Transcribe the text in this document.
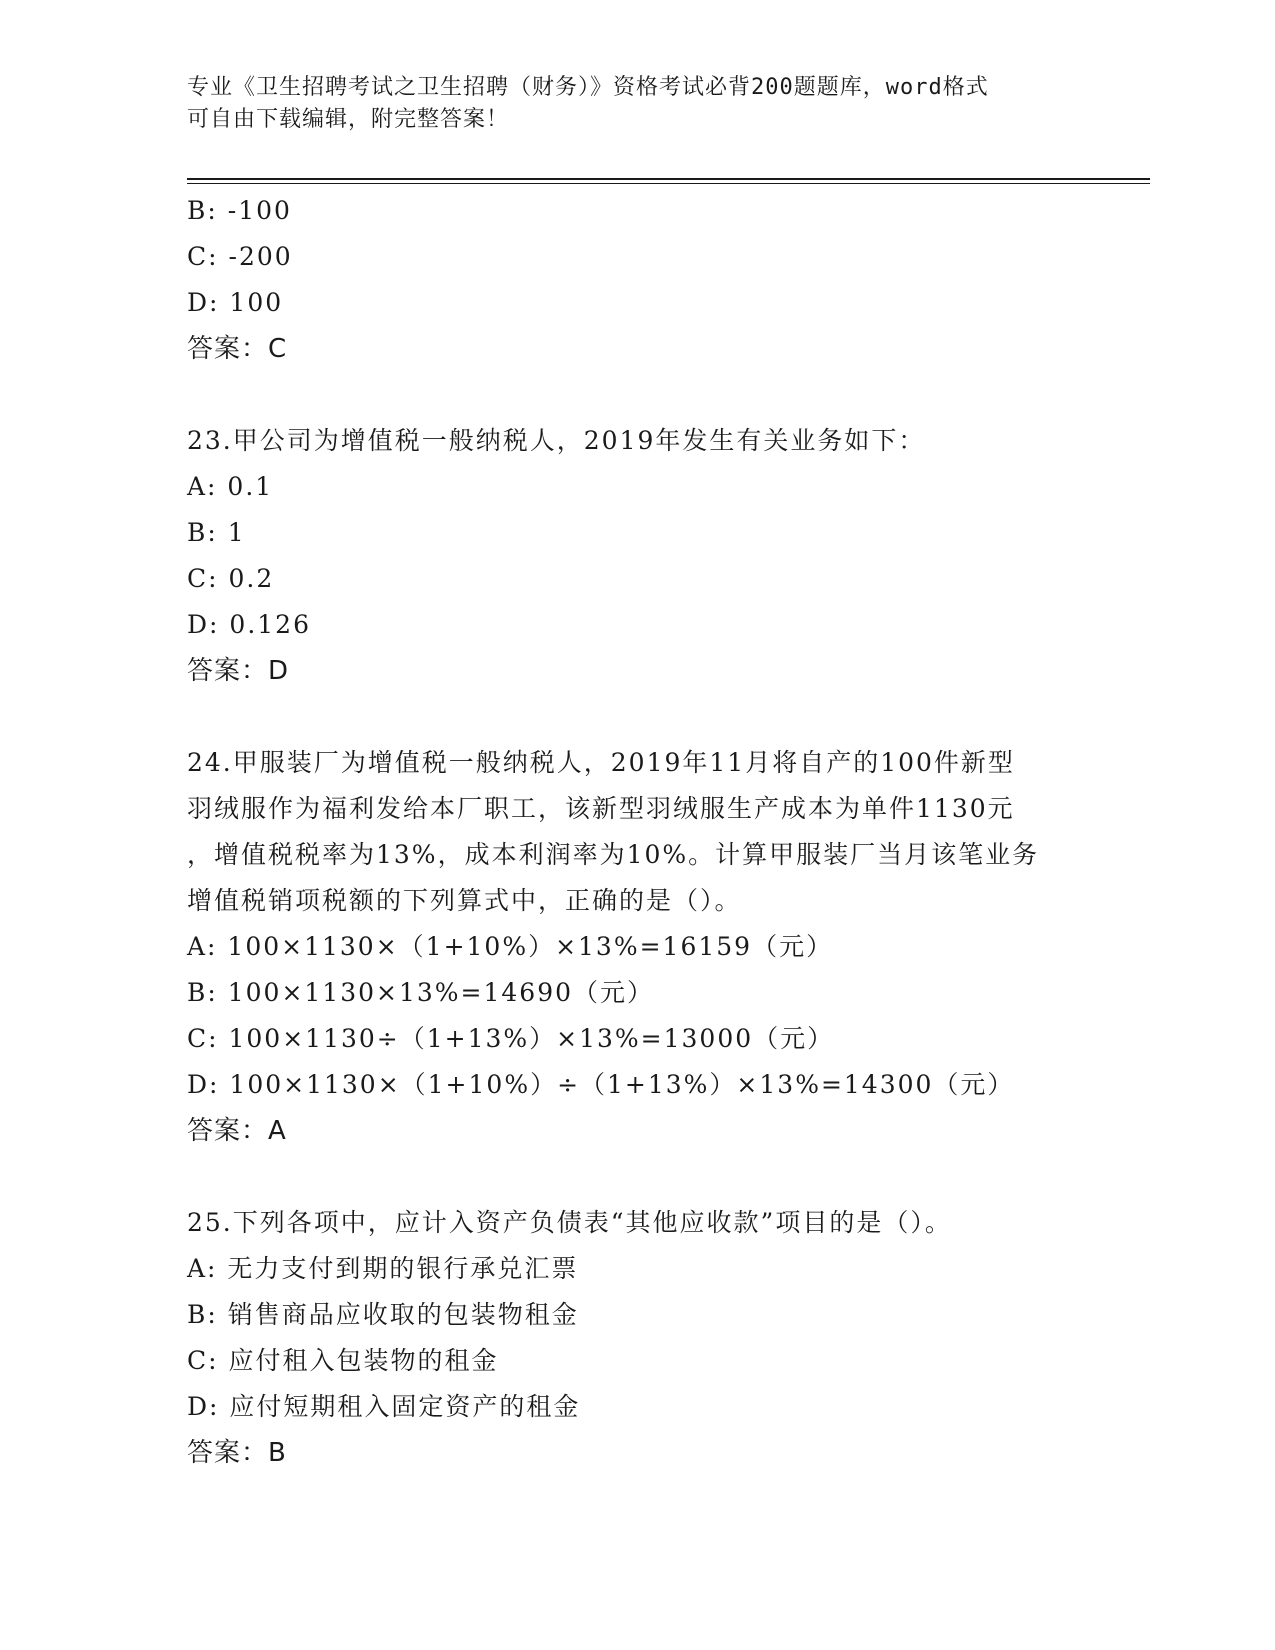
专业《卫生招聘考试之卫生招聘（财务）》资格考试必背200题题库，word格式
可自由下载编辑，附完整答案！
B: -100
C: -200
D: 100
答案：C
23.甲公司为增值税一般纳税人，2019年发生有关业务如下：
A: 0.1
B: 1
C: 0.2
D: 0.126
答案：D
24.甲服装厂为增值税一般纳税人，2019年11月将自产的100件新型
羽绒服作为福利发给本厂职工，该新型羽绒服生产成本为单件1130元
，增值税税率为13%，成本利润率为10%。计算甲服装厂当月该笔业务
增值税销项税额的下列算式中，正确的是（）。
A: 100×1130×（1+10%）×13%=16159（元）
B: 100×1130×13%=14690（元）
C: 100×1130÷（1+13%）×13%=13000（元）
D: 100×1130×（1+10%）÷（1+13%）×13%=14300（元）
答案：A
25.下列各项中，应计入资产负债表“其他应收款”项目的是（）。
A: 无力支付到期的银行承兑汇票
B: 销售商品应收取的包装物租金
C: 应付租入包装物的租金
D: 应付短期租入固定资产的租金
答案：B
